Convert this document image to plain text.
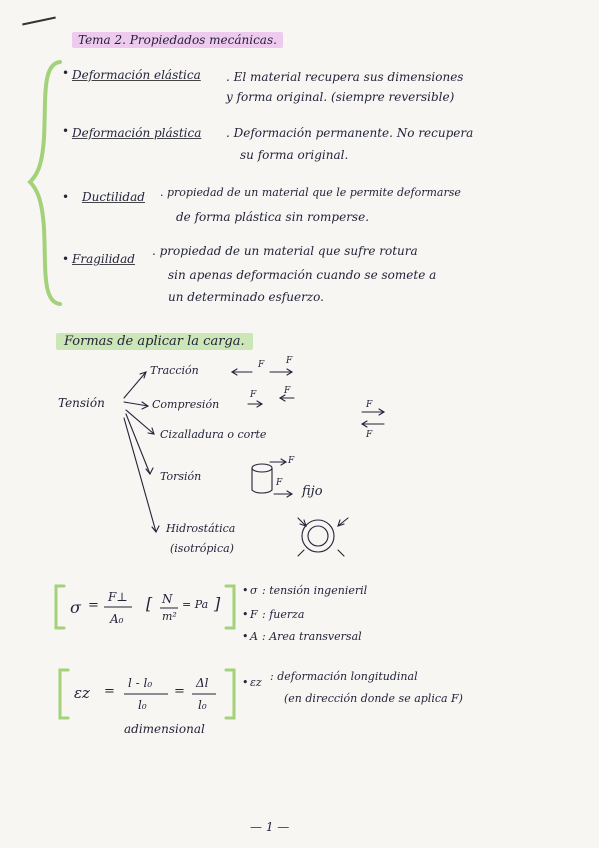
Tema 2. Propiedados mecánicas.
• Deformación elástica . El material recupera sus dimensiones
y forma original. (siempre reversible)
• Deformación plástica . Deformación permanente. No recupera
su forma original.
• Ductilidad . propiedad de un material que le permite deformarse
de forma plástica sin romperse.
• Fragilidad
. propiedad de un material que sufre rotura
sin apenas deformación cuando se somete a
un determinado esfuerzo.
Formas de aplicar la carga.
Tensión
Tracción	F F
Compresión
F	F
Cizalladura o corte
F
F
Torsión
F
F
fijo
Hidrostática
(isotrópica)
σ =
F⊥
A₀
[ N
m²
= Pa ]
• σ : tensión ingenieril
• F : fuerza
• A : Area transversal
εz =
l - l₀
l₀
=
Δl
l₀
adimensional
• εz : deformación longitudinal
(en dirección donde se aplica F)
— 1 —
